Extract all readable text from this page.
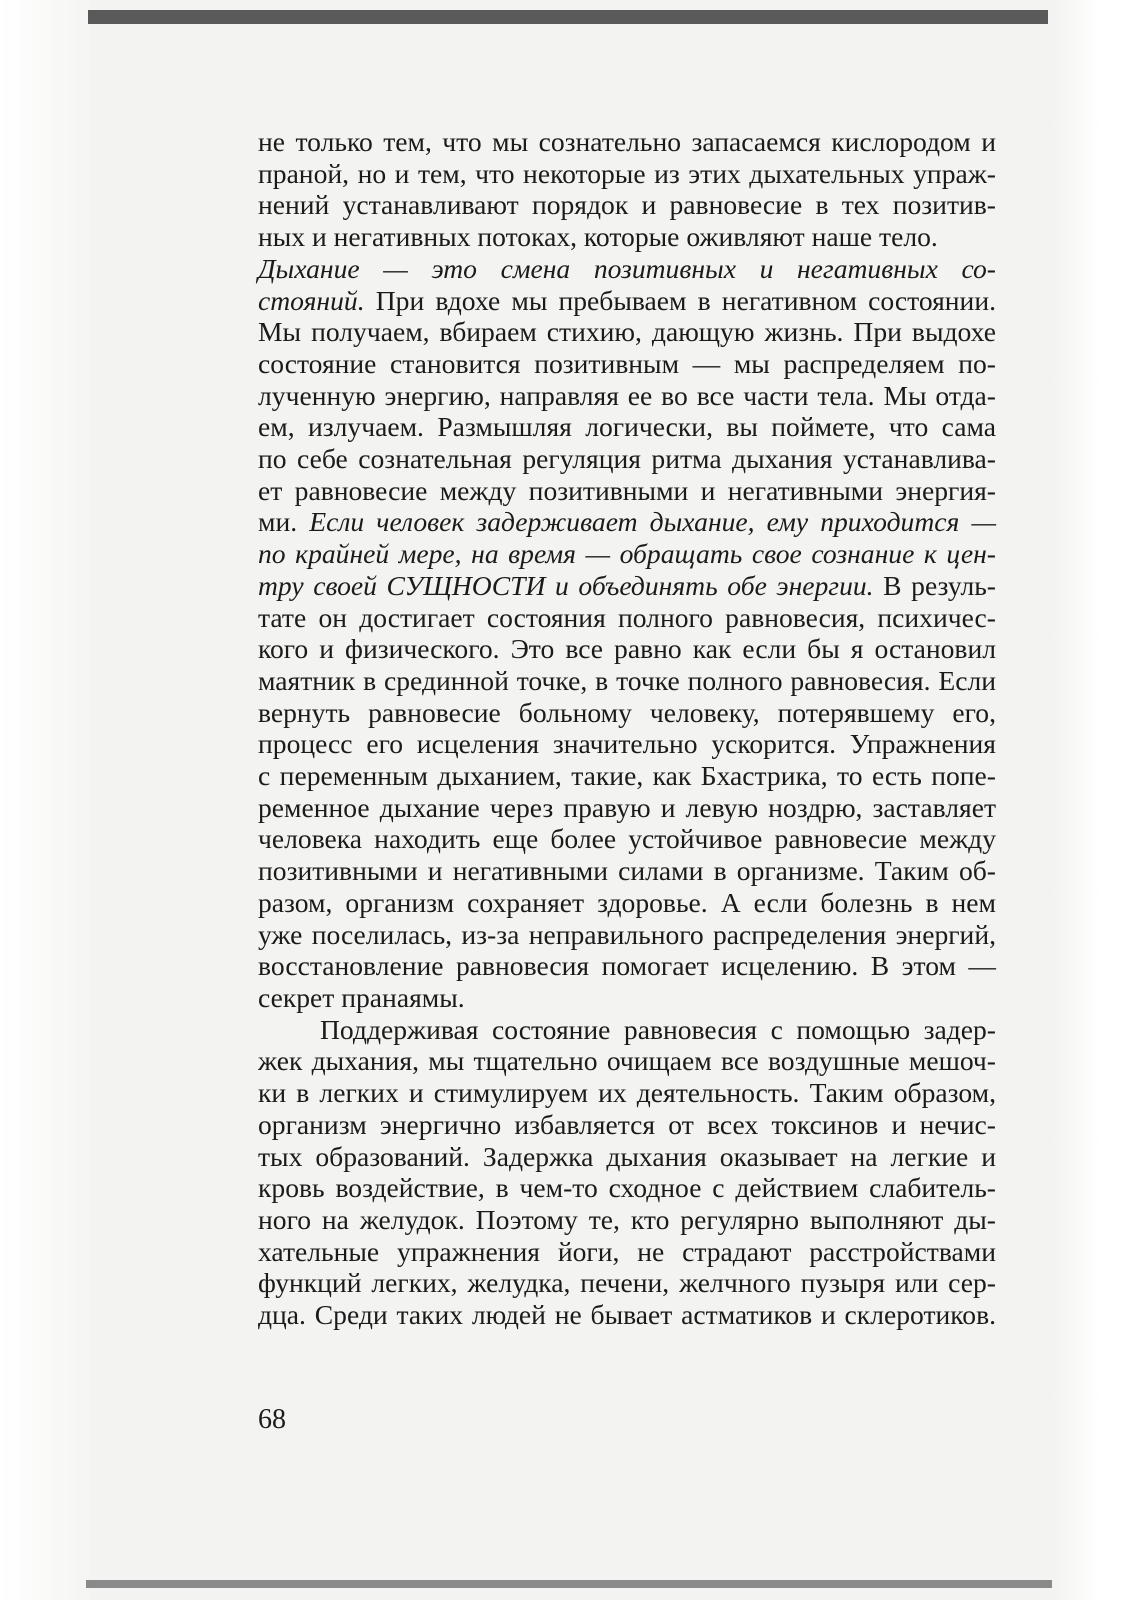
не только тем, что мы сознательно запасаемся кислородом и

праной, но и тем, что некоторые из этих дыхательных упраж-

нений устанавливают порядок и равновесие в тех позитив-

ных и негативных потоках, которые оживляют наше тело.

Дыхание — это смена позитивных и негативных со-

стояний. При вдохе мы пребываем в негативном состоянии.

Мы получаем, вбираем стихию, дающую жизнь. При выдохе

состояние становится позитивным — мы распределяем по-

лученную энергию, направляя ее во все части тела. Мы отда-

ем, излучаем. Размышляя логически, вы поймете, что сама

по себе сознательная регуляция ритма дыхания устанавлива-

ет равновесие между позитивными и негативными энергия-

ми. Если человек задерживает дыхание, ему приходится —

по крайней мере, на время — обращать свое сознание к цен-

тру своей СУЩНОСТИ и объединять обе энергии. В резуль-

тате он достигает состояния полного равновесия, психичес-

кого и физического. Это все равно как если бы я остановил

маятник в срединной точке, в точке полного равновесия. Если

вернуть равновесие больному человеку, потерявшему его,

процесс его исцеления значительно ускорится. Упражнения

с переменным дыханием, такие, как Бхастрика, то есть попе-

ременное дыхание через правую и левую ноздрю, заставляет

человека находить еще более устойчивое равновесие между

позитивными и негативными силами в организме. Таким об-

разом, организм сохраняет здоровье. А если болезнь в нем

уже поселилась, из-за неправильного распределения энергий,

восстановление равновесия помогает исцелению. В этом —

секрет пранаямы.

Поддерживая состояние равновесия с помощью задер-

жек дыхания, мы тщательно очищаем все воздушные мешоч-

ки в легких и стимулируем их деятельность. Таким образом,

организм энергично избавляется от всех токсинов и нечис-

тых образований. Задержка дыхания оказывает на легкие и

кровь воздействие, в чем-то сходное с действием слабитель-

ного на желудок. Поэтому те, кто регулярно выполняют ды-

хательные упражнения йоги, не страдают расстройствами

функций легких, желудка, печени, желчного пузыря или сер-

дца. Среди таких людей не бывает астматиков и склеротиков.

68
